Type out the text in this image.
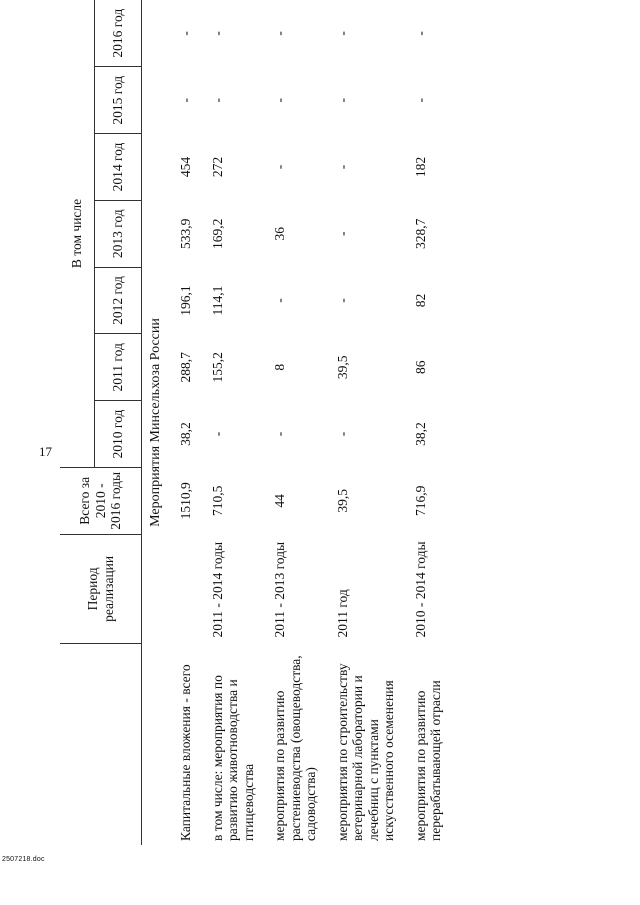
17
	Период реализации	Всего за 2010 - 2016 годы	В том числе						
			2010 год	2011 год	2012 год	2013 год	2014 год	2015 год	2016 год
Мероприятия Минсельхоза России									
Капитальные вложения - всего		1510,9	38,2	288,7	196,1	533,9	454	-	-
в том числе: мероприятия по развитию животноводства и птицеводства	2011 - 2014 годы	710,5	-	155,2	114,1	169,2	272	-	-
мероприятия по развитию растениеводства (овощеводства, садоводства)	2011 - 2013 годы	44	-	8	-	36	-	-	-
мероприятия по строительству ветеринарной лаборатории и лечебниц с пунктами искусственного осеменения	2011 год	39,5	-	39,5	-	-	-	-	-
мероприятия по развитию перерабатывающей отрасли	2010 - 2014 годы	716,9	38,2	86	82	328,7	182	-	-
2507218.doc
